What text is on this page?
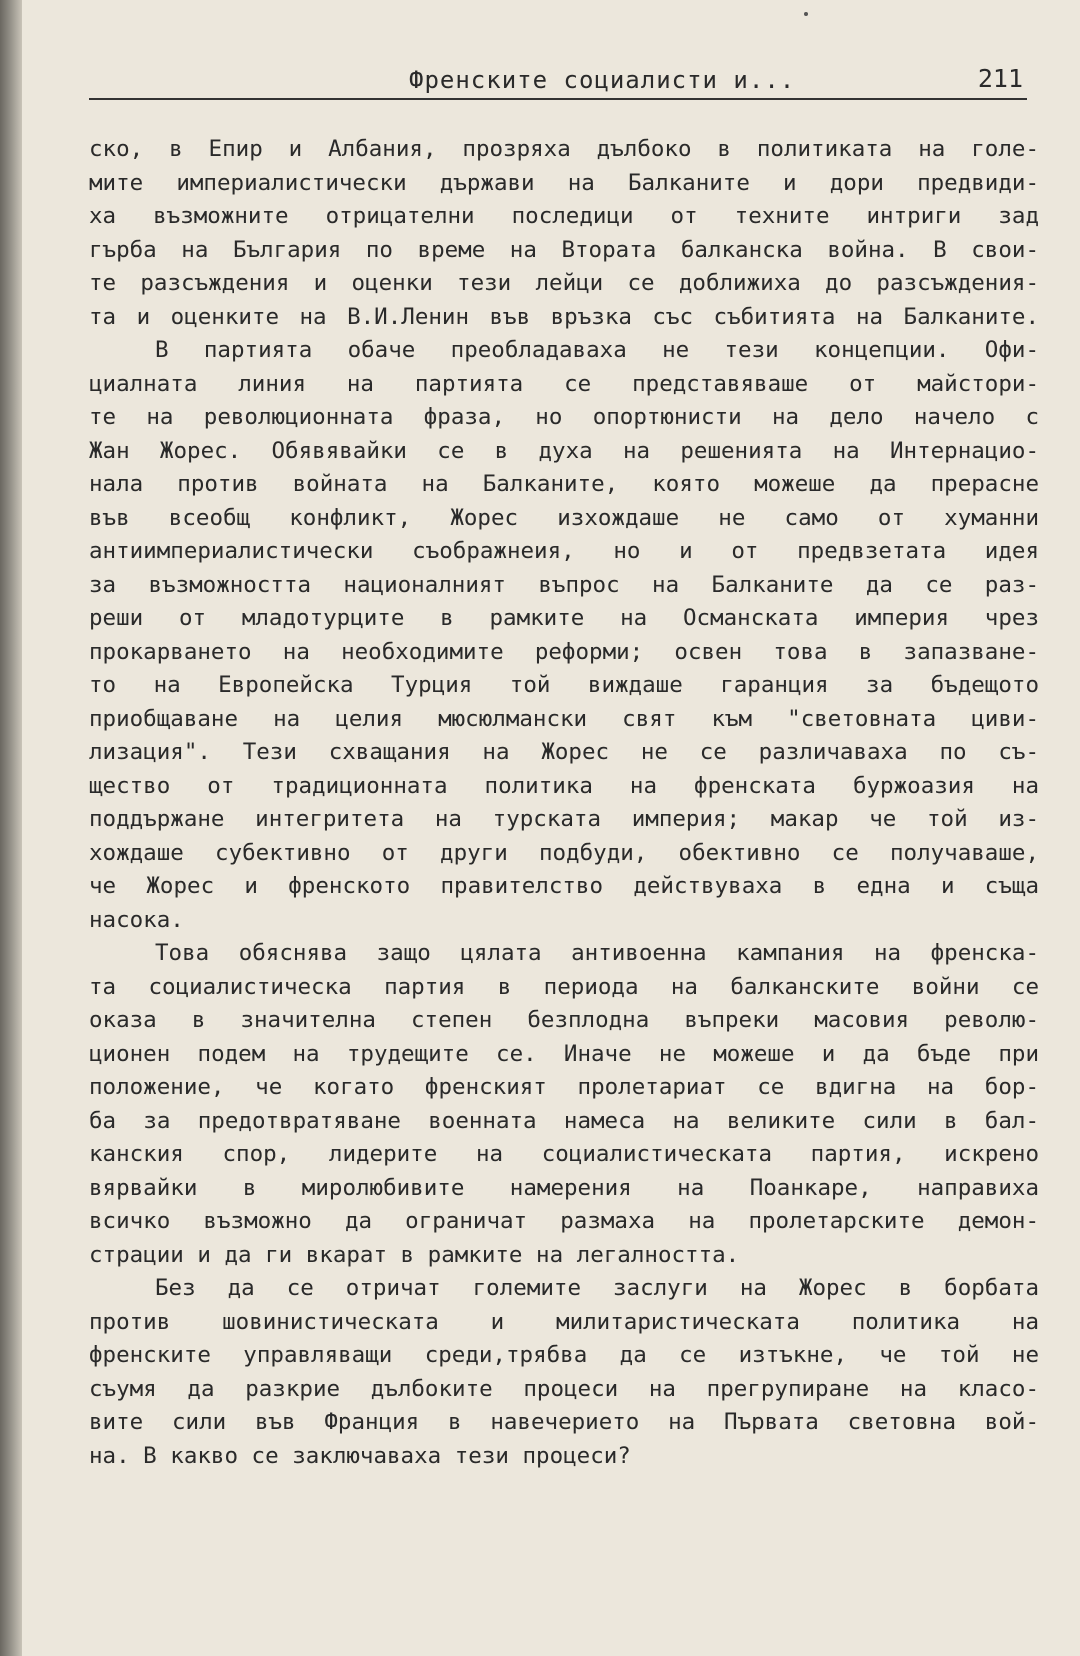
Френските социалисти и...	211
ско, в Епир и Албания, прозряха дълбоко в политиката на голе-
мите империалистически държави на Балканите и дори предвиди-
ха възможните отрицателни последици от техните интриги зад
гърба на България по време на Втората балканска война. В свои-
те разсъждения и оценки тези лейци се доближиха до разсъждения-
та и оценките на В.И.Ленин във връзка със събитията на Балканите.
В партията обаче преобладаваха не тези концепции. Офи-
циалната линия на партията се представяваше от майстори-
те на революционната фраза, но опортюнисти на дело начело с
Жан Жорес. Обявявайки се в духа на решенията на Интернацио-
нала против войната на Балканите, която можеше да прерасне
във всеобщ конфликт, Жорес изхождаше не само от хуманни
антиимпериалистически съображнеия, но и от предвзетата идея
за възможността националният въпрос на Балканите да се раз-
реши от младотурците в рамките на Османската империя чрез
прокарването на необходимите реформи; освен това в запазване-
то на Европейска Турция той виждаше гаранция за бъдещото
приобщаване на целия мюсюлмански свят към "световната циви-
лизация". Тези схващания на Жорес не се различаваха по съ-
щество от традиционната политика на френската буржоазия на
поддържане интегритета на турската империя; макар че той из-
хождаше субективно от други подбуди, обективно се получаваше,
че Жорес и френското правителство действуваха в една и съща
насока.
Това обяснява защо цялата антивоенна кампания на френска-
та социалистическа партия в периода на балканските войни се
оказа в значителна степен безплодна въпреки масовия револю-
ционен подем на трудещите се. Иначе не можеше и да бъде при
положение, че когато френският пролетариат се вдигна на бор-
ба за предотвратяване военната намеса на великите сили в бал-
канския спор, лидерите на социалистическата партия, искрено
вярвайки в миролюбивите намерения на Поанкаре, направиха
всичко възможно да ограничат размаха на пролетарските демон-
страции и да ги вкарат в рамките на легалността.
Без да се отричат големите заслуги на Жорес в борбата
против шовинистическата и милитаристическата политика на
френските управляващи среди,трябва да се изтъкне, че той не
съумя да разкрие дълбоките процеси на прегрупиране на класо-
вите сили във Франция в навечерието на Първата световна вой-
на. В какво се заключаваха тези процеси?
